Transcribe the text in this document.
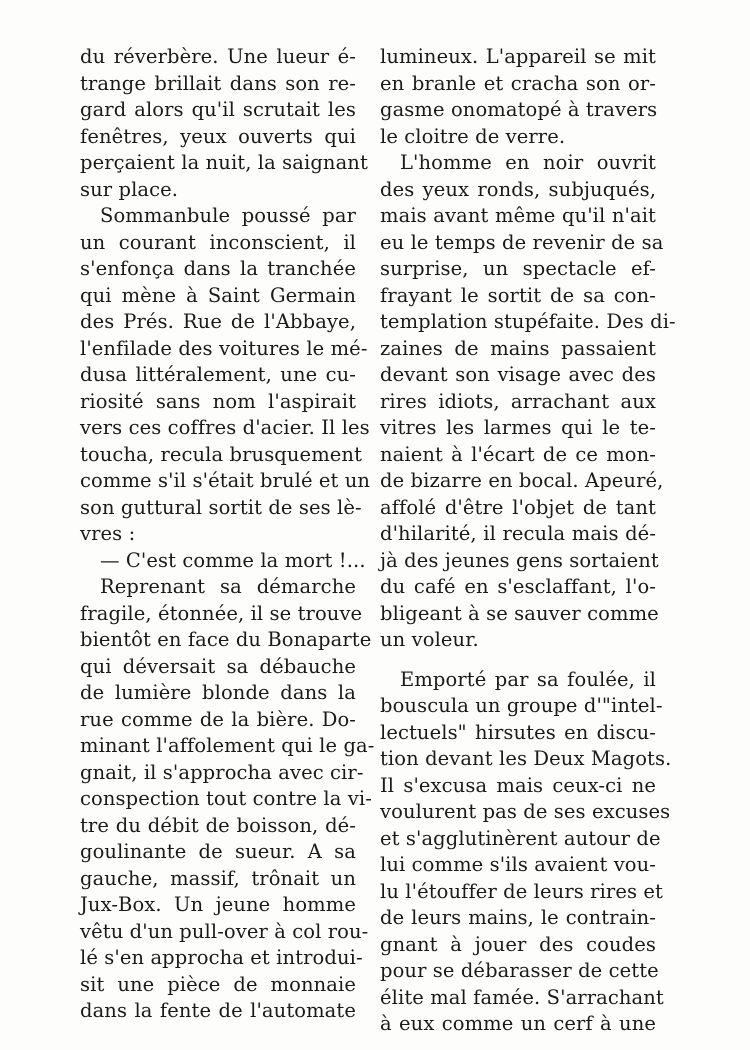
du réverbère. Une lueur é-
trange brillait dans son re-
gard alors qu'il scrutait les
fenêtres, yeux ouverts qui
perçaient la nuit, la saignant
sur place.
Sommanbule poussé par
un courant inconscient, il
s'enfonça dans la tranchée
qui mène à Saint Germain
des Prés. Rue de l'Abbaye,
l'enfilade des voitures le mé-
dusa littéralement, une cu-
riosité sans nom l'aspirait
vers ces coffres d'acier. Il les
toucha, recula brusquement
comme s'il s'était brulé et un
son guttural sortit de ses lè-
vres :
— C'est comme la mort !...
Reprenant sa démarche
fragile, étonnée, il se trouve
bientôt en face du Bonaparte
qui déversait sa débauche
de lumière blonde dans la
rue comme de la bière. Do-
minant l'affolement qui le ga-
gnait, il s'approcha avec cir-
conspection tout contre la vi-
tre du débit de boisson, dé-
goulinante de sueur. A sa
gauche, massif, trônait un
Jux-Box. Un jeune homme
vêtu d'un pull-over à col rou-
lé s'en approcha et introdui-
sit une pièce de monnaie
dans la fente de l'automate
lumineux. L'appareil se mit
en branle et cracha son or-
gasme onomatopé à travers
le cloitre de verre.
L'homme en noir ouvrit
des yeux ronds, subjuqués,
mais avant même qu'il n'ait
eu le temps de revenir de sa
surprise, un spectacle ef-
frayant le sortit de sa con-
templation stupéfaite. Des di-
zaines de mains passaient
devant son visage avec des
rires idiots, arrachant aux
vitres les larmes qui le te-
naient à l'écart de ce mon-
de bizarre en bocal. Apeuré,
affolé d'être l'objet de tant
d'hilarité, il recula mais dé-
jà des jeunes gens sortaient
du café en s'esclaffant, l'o-
bligeant à se sauver comme
un voleur.
Emporté par sa foulée, il
bouscula un groupe d'"intel-
lectuels" hirsutes en discu-
tion devant les Deux Magots.
Il s'excusa mais ceux-ci ne
voulurent pas de ses excuses
et s'agglutinèrent autour de
lui comme s'ils avaient vou-
lu l'étouffer de leurs rires et
de leurs mains, le contrain-
gnant à jouer des coudes
pour se débarasser de cette
élite mal famée. S'arrachant
à eux comme un cerf à une
